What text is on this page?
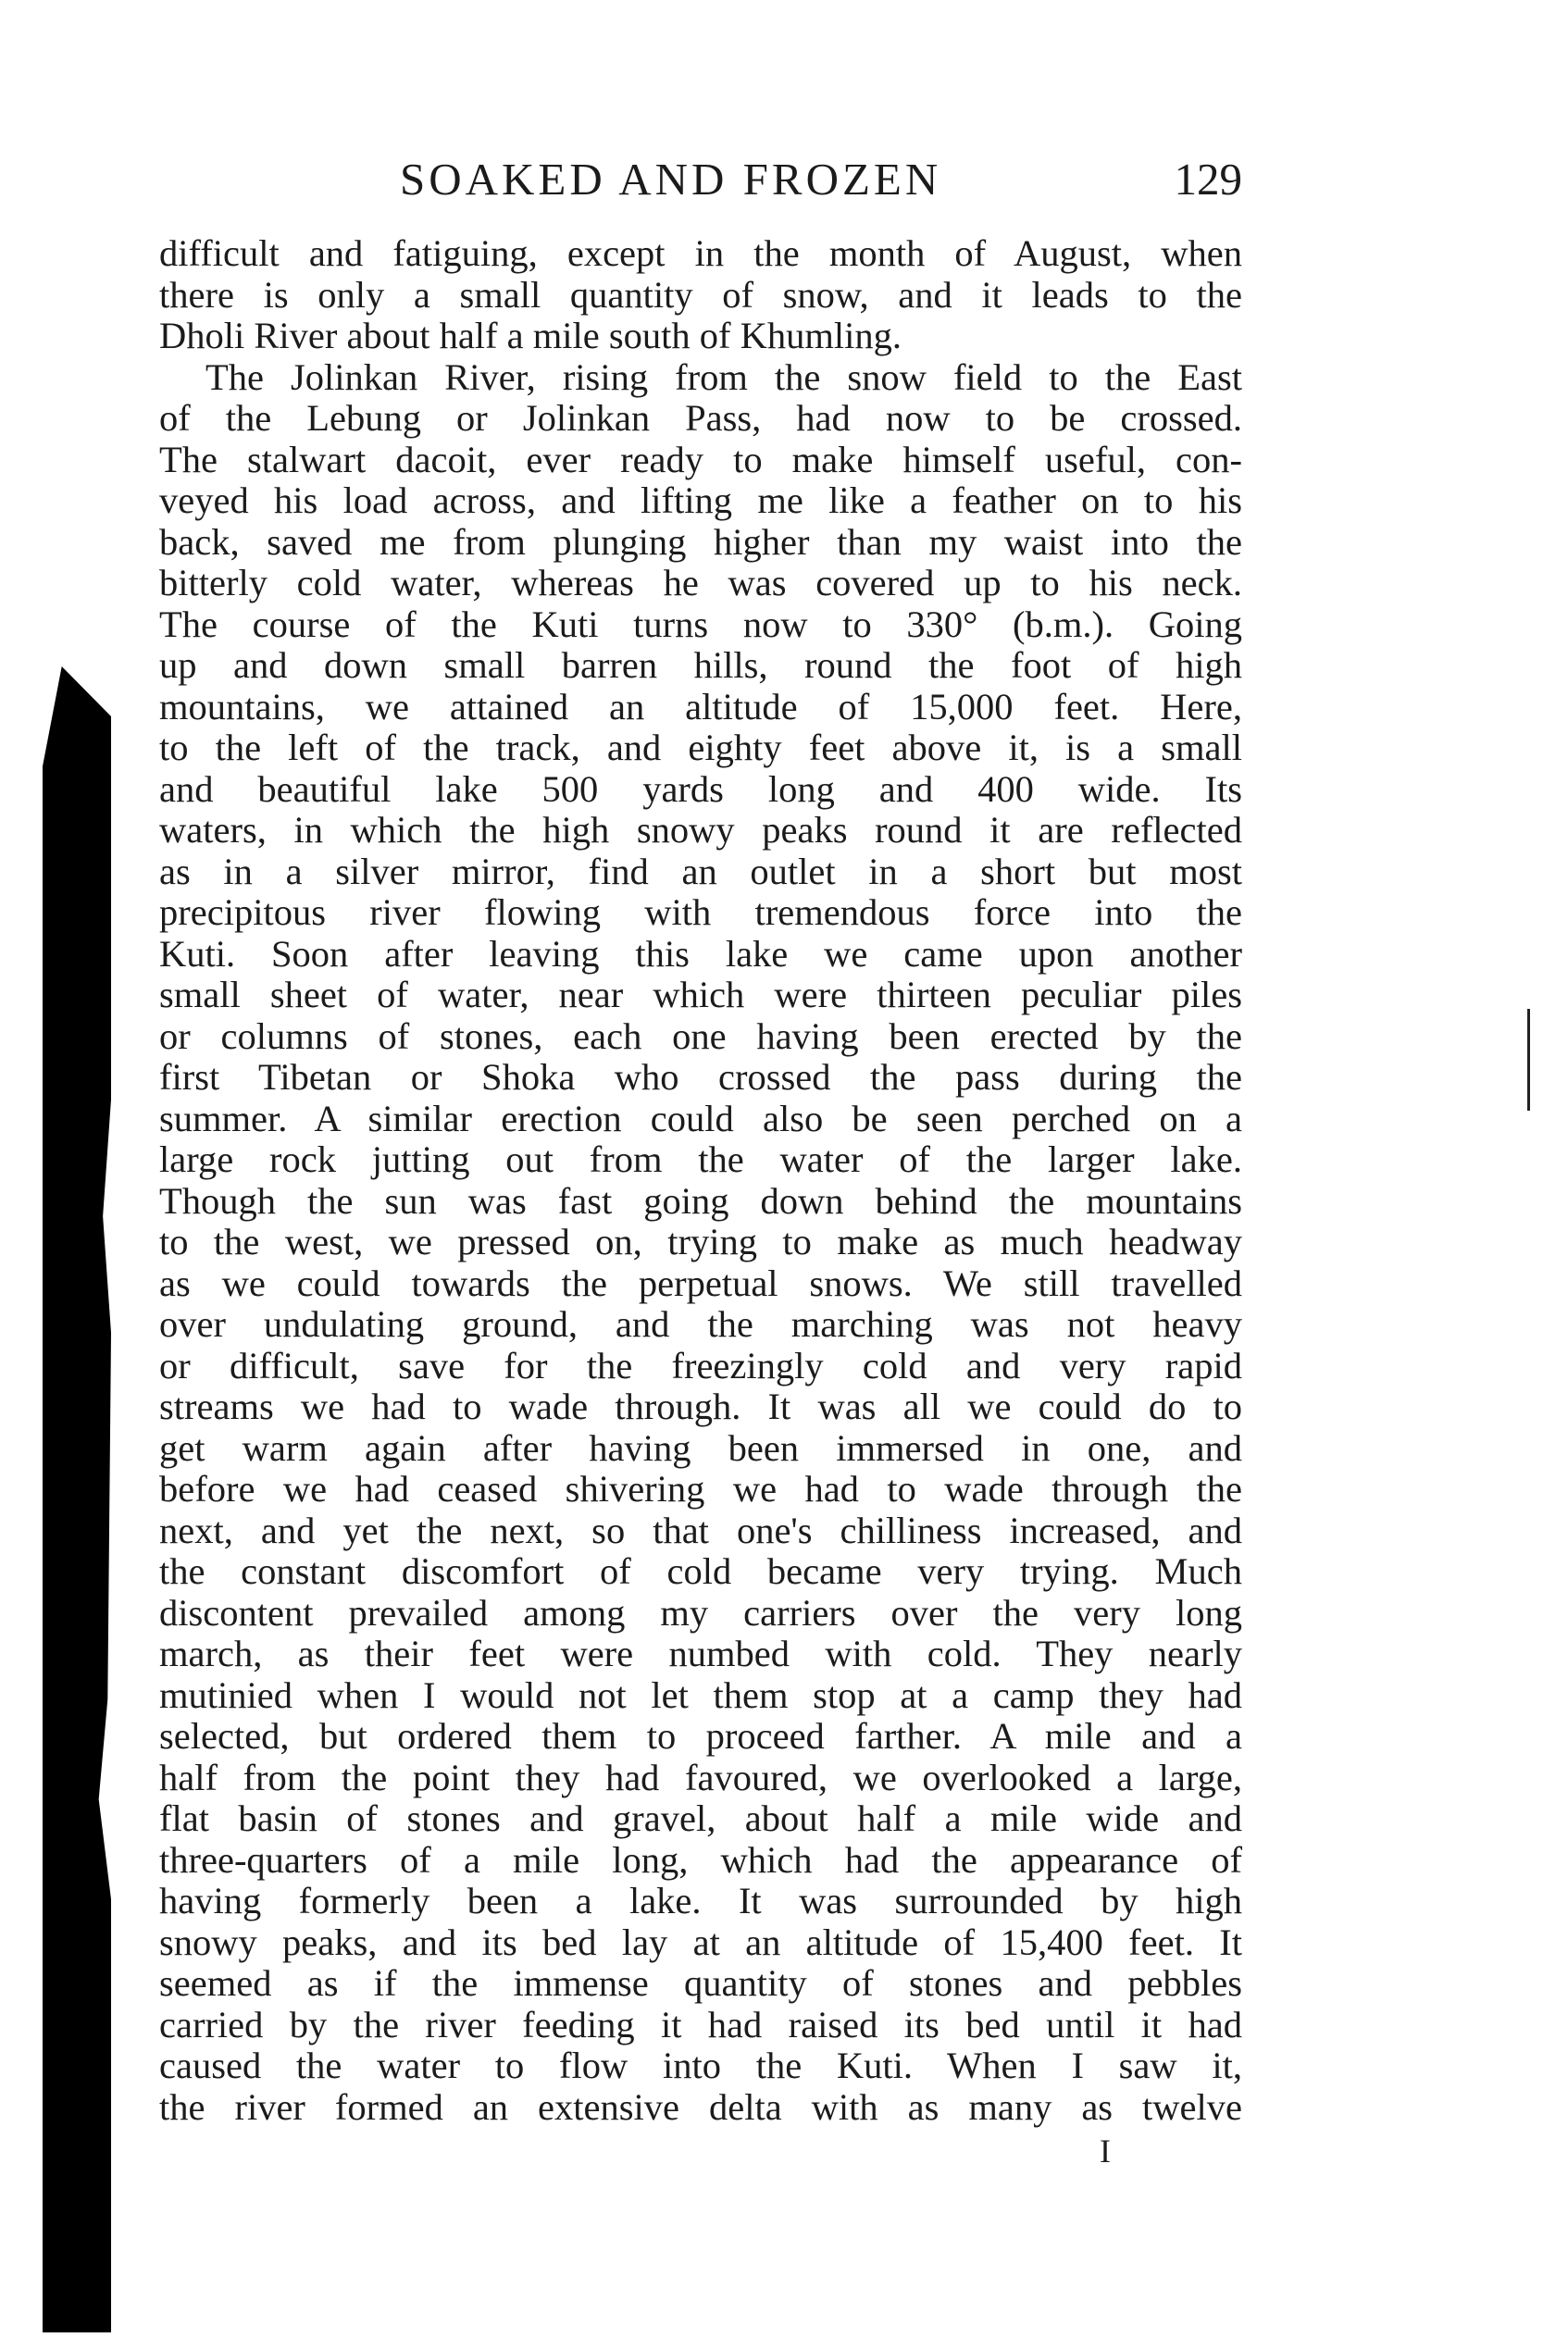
SOAKED AND FROZEN	129
difficult and fatiguing, except in the month of August, when
there is only a small quantity of snow, and it leads to the
Dholi River about half a mile south of Khumling.
The Jolinkan River, rising from the snow field to the East
of the Lebung or Jolinkan Pass, had now to be crossed.
The stalwart dacoit, ever ready to make himself useful, con-
veyed his load across, and lifting me like a feather on to his
back, saved me from plunging higher than my waist into the
bitterly cold water, whereas he was covered up to his neck.
The course of the Kuti turns now to 330° (b.m.). Going
up and down small barren hills, round the foot of high
mountains, we attained an altitude of 15,000 feet. Here,
to the left of the track, and eighty feet above it, is a small
and beautiful lake 500 yards long and 400 wide. Its
waters, in which the high snowy peaks round it are reflected
as in a silver mirror, find an outlet in a short but most
precipitous river flowing with tremendous force into the
Kuti. Soon after leaving this lake we came upon another
small sheet of water, near which were thirteen peculiar piles
or columns of stones, each one having been erected by the
first Tibetan or Shoka who crossed the pass during the
summer. A similar erection could also be seen perched on a
large rock jutting out from the water of the larger lake.
Though the sun was fast going down behind the mountains
to the west, we pressed on, trying to make as much headway
as we could towards the perpetual snows. We still travelled
over undulating ground, and the marching was not heavy
or difficult, save for the freezingly cold and very rapid
streams we had to wade through. It was all we could do to
get warm again after having been immersed in one, and
before we had ceased shivering we had to wade through the
next, and yet the next, so that one's chilliness increased, and
the constant discomfort of cold became very trying. Much
discontent prevailed among my carriers over the very long
march, as their feet were numbed with cold. They nearly
mutinied when I would not let them stop at a camp they had
selected, but ordered them to proceed farther. A mile and a
half from the point they had favoured, we overlooked a large,
flat basin of stones and gravel, about half a mile wide and
three-quarters of a mile long, which had the appearance of
having formerly been a lake. It was surrounded by high
snowy peaks, and its bed lay at an altitude of 15,400 feet. It
seemed as if the immense quantity of stones and pebbles
carried by the river feeding it had raised its bed until it had
caused the water to flow into the Kuti. When I saw it,
the river formed an extensive delta with as many as twelve
I
